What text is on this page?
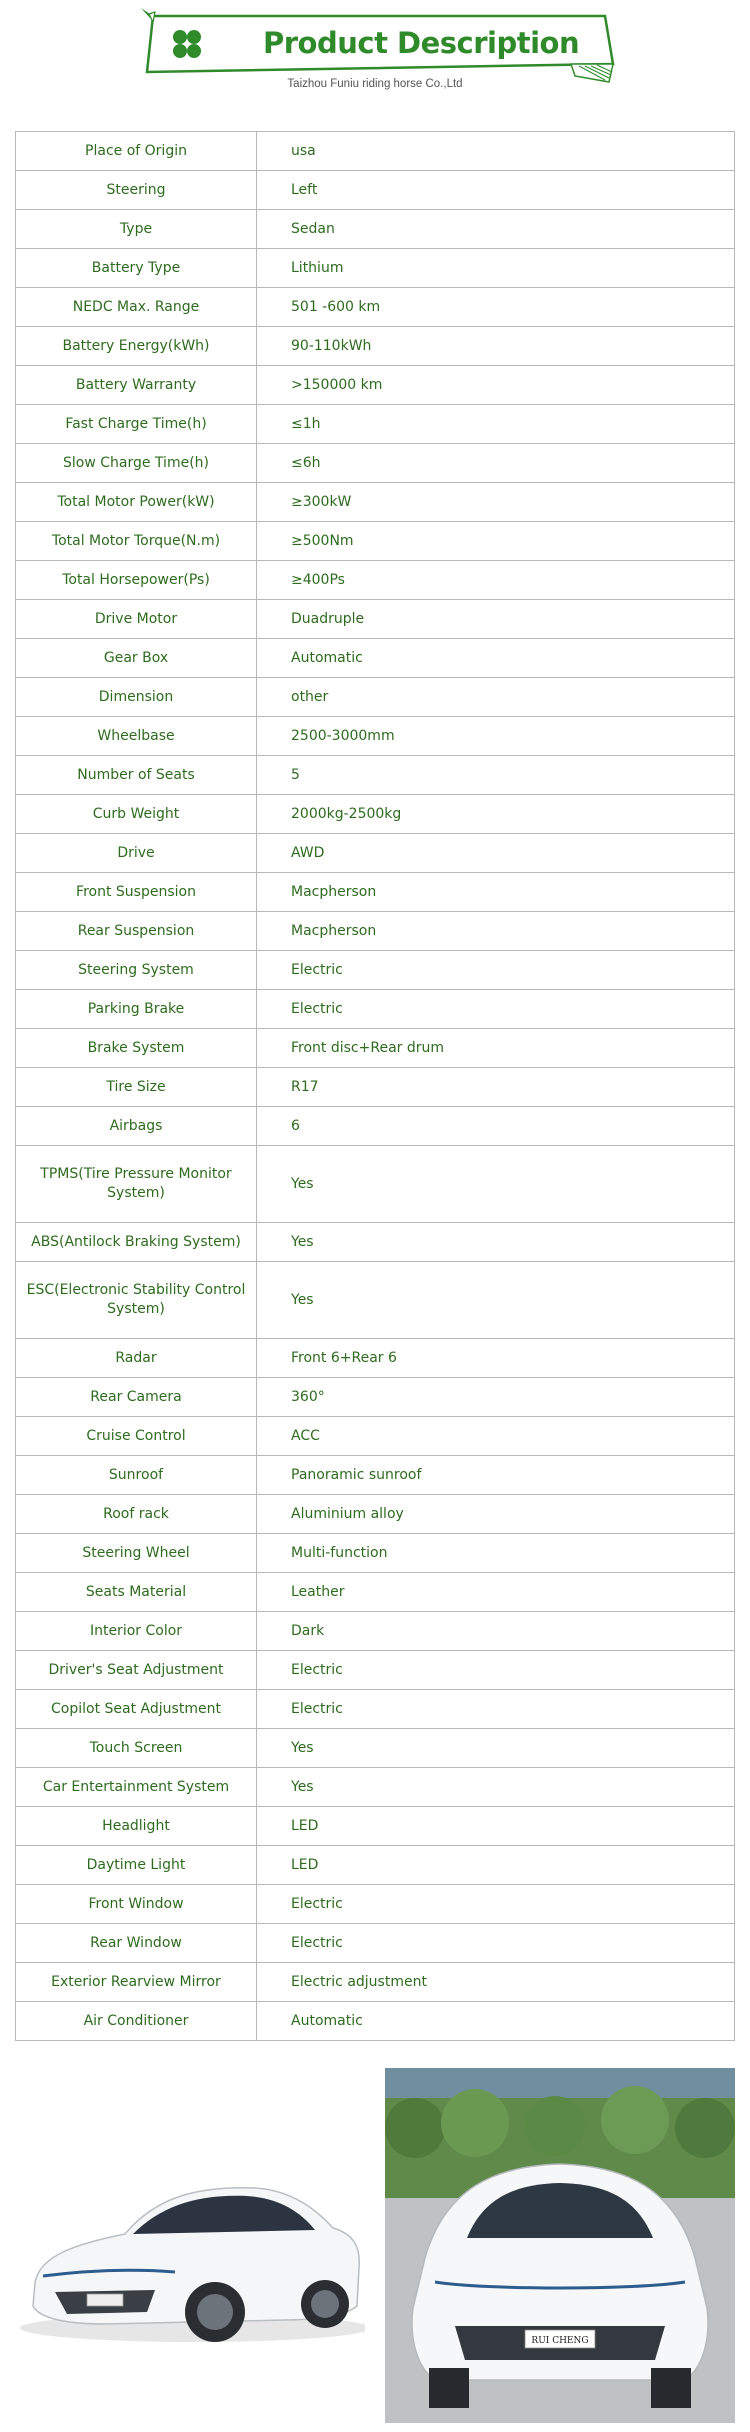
Product Description
Taizhou Funiu riding horse Co.,Ltd
Place of Origin	usa
Steering	Left
Type	Sedan
Battery Type	Lithium
NEDC Max. Range	501 -600 km
Battery Energy(kWh)	90-110kWh
Battery Warranty	>150000 km
Fast Charge Time(h)	≤1h
Slow Charge Time(h)	≤6h
Total Motor Power(kW)	≥300kW
Total Motor Torque(N.m)	≥500Nm
Total Horsepower(Ps)	≥400Ps
Drive Motor	Duadruple
Gear Box	Automatic
Dimension	other
Wheelbase	2500-3000mm
Number of Seats	5
Curb Weight	2000kg-2500kg
Drive	AWD
Front Suspension	Macpherson
Rear Suspension	Macpherson
Steering System	Electric
Parking Brake	Electric
Brake System	Front disc+Rear drum
Tire Size	R17
Airbags	6
TPMS(Tire Pressure Monitor System)	Yes
ABS(Antilock Braking System)	Yes
ESC(Electronic Stability Control System)	Yes
Radar	Front 6+Rear 6
Rear Camera	360°
Cruise Control	ACC
Sunroof	Panoramic sunroof
Roof rack	Aluminium alloy
Steering Wheel	Multi-function
Seats Material	Leather
Interior Color	Dark
Driver's Seat Adjustment	Electric
Copilot Seat Adjustment	Electric
Touch Screen	Yes
Car Entertainment System	Yes
Headlight	LED
Daytime Light	LED
Front Window	Electric
Rear Window	Electric
Exterior Rearview Mirror	Electric adjustment
Air Conditioner	Automatic
RUI CHENG
